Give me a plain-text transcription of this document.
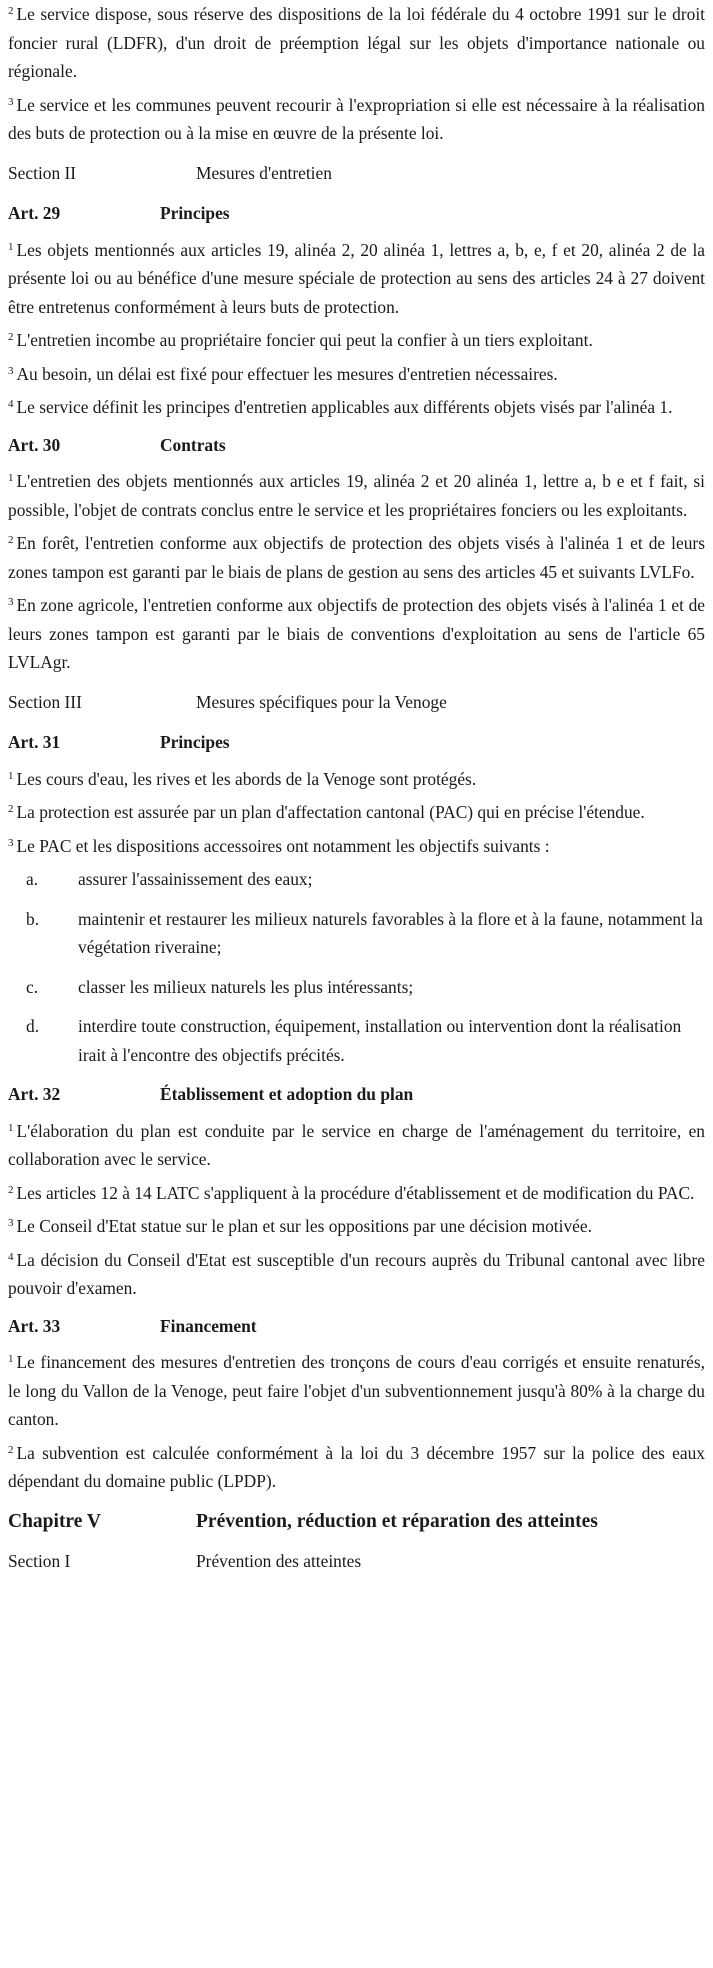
$^2$ Le service dispose, sous réserve des dispositions de la loi fédérale du 4 octobre 1991 sur le droit foncier rural (LDFR), d'un droit de préemption légal sur les objets d'importance nationale ou régionale.

$^3$ Le service et les communes peuvent recourir à l'expropriation si elle est nécessaire à la réalisation des buts de protection ou à la mise en œuvre de la présente loi.

Section II	Mesures d'entretien
Art. 29	Principes

$^1$ Les objets mentionnés aux articles 19, alinéa 2, 20 alinéa 1, lettres a, b, e, f et 20, alinéa 2 de la présente loi ou au bénéfice d'une mesure spéciale de protection au sens des articles 24 à 27 doivent être entretenus conformément à leurs buts de protection.

$^2$ L'entretien incombe au propriétaire foncier qui peut la confier à un tiers exploitant.

$^3$ Au besoin, un délai est fixé pour effectuer les mesures d'entretien nécessaires.

$^4$ Le service définit les principes d'entretien applicables aux différents objets visés par l'alinéa 1.

Art. 30	Contrats

$^1$ L'entretien des objets mentionnés aux articles 19, alinéa 2 et 20 alinéa 1, lettre a, b e et f fait, si possible, l'objet de contrats conclus entre le service et les propriétaires fonciers ou les exploitants.

$^2$ En forêt, l'entretien conforme aux objectifs de protection des objets visés à l'alinéa 1 et de leurs zones tampon est garanti par le biais de plans de gestion au sens des articles 45 et suivants LVLFo.

$^3$ En zone agricole, l'entretien conforme aux objectifs de protection des objets visés à l'alinéa 1 et de leurs zones tampon est garanti par le biais de conventions d'exploitation au sens de l'article 65 LVLAgr.

Section III	Mesures spécifiques pour la Venoge
Art. 31	Principes

$^1$ Les cours d'eau, les rives et les abords de la Venoge sont protégés.

$^2$ La protection est assurée par un plan d'affectation cantonal (PAC) qui en précise l'étendue.

$^3$ Le PAC et les dispositions accessoires ont notamment les objectifs suivants :

a.	assurer l'assainissement des eaux;
b.	maintenir et restaurer les milieux naturels favorables à la flore et à la faune, notamment la végétation riveraine;
c.	classer les milieux naturels les plus intéressants;
d.	interdire toute construction, équipement, installation ou intervention dont la réalisation irait à l'encontre des objectifs précités.
Art. 32	Établissement et adoption du plan

$^1$ L'élaboration du plan est conduite par le service en charge de l'aménagement du territoire, en collaboration avec le service.

$^2$ Les articles 12 à 14 LATC s'appliquent à la procédure d'établissement et de modification du PAC.

$^3$ Le Conseil d'Etat statue sur le plan et sur les oppositions par une décision motivée.

$^4$ La décision du Conseil d'Etat est susceptible d'un recours auprès du Tribunal cantonal avec libre pouvoir d'examen.

Art. 33	Financement

$^1$ Le financement des mesures d'entretien des tronçons de cours d'eau corrigés et ensuite renaturés, le long du Vallon de la Venoge, peut faire l'objet d'un subventionnement jusqu'à 80% à la charge du canton.

$^2$ La subvention est calculée conformément à la loi du 3 décembre 1957 sur la police des eaux dépendant du domaine public (LPDP).

Chapitre V	Prévention, réduction et réparation des atteintes
Section I	Prévention des atteintes
